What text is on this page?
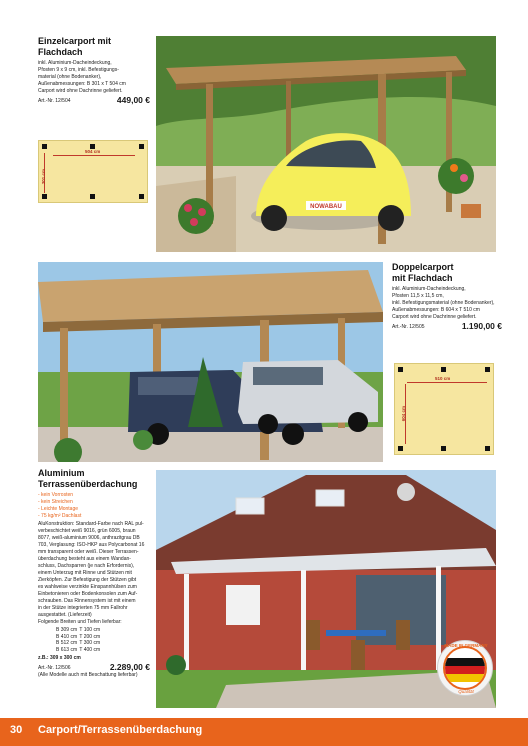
Einzelcarport mit Flachdach
inkl. Aluminium-Dacheindeckung,
Pfosten 9 x 9 cm, inkl. Befestigungs-
material (ohne Bodenanker),
Außenabmessungen: B 301 x T 504 cm
Carport wird ohne Dachrinne geliefert.
Art.-Nr. 12/504	449,00 €
504 cm
301 cm
NOWABAU
Doppelcarport
mit Flachdach
inkl. Aluminium-Dacheindeckung,
Pfosten 11,5 x 11,5 cm,
inkl. Befestigungsmaterial (ohne Bodenanker),
Außenabmessungen: B 604 x T 510 cm
Carport wird ohne Dachrinne geliefert.
Art.-Nr. 12/505	1.190,00 €
510 cm
604 cm
Aluminium
Terrassenüberdachung
- kein Vorrosten
- kein Streichen
- Leichte Montage
- 75 kg/m² Dachlast
AluKonstruktion: Standard-Farbe nach RAL pul-
verbeschichtet weiß 9016, grün 6005, braun
8077, weiß-aluminium 9006, anthrazitgrau DB
703, Verglasung: ISO-HKP aus Polycarbonat 16
mm transparent oder weiß. Dieser Terrassen-
überdachung besteht aus einem Wandan-
schluss, Dachsparren (je nach Erfordernis),
einem Unterzug mit Rinne und Stützen mit
Zierköpfen. Zur Befestigung der Stützen gibt
es wahlweise verzinkte Einspannhülsen zum
Einbetonieren oder Bodenkonsolen zum Auf-
schrauben. Das Rinnensystem ist mit einem
in der Stütze integrierten 75 mm Fallrohr
ausgestattet. (Lieferzeit)
Folgende Breiten und Tiefen lieferbar:
B 309 cm T 100 cm
B 410 cm T 200 cm
B 512 cm T 300 cm
B 613 cm T 400 cm
z.B.: 309 x 300 cm
Art.-Nr. 12/506	2.289,00 €
(Alle Modelle auch mit Beschattung lieferbar)
MADE IN GERMANY
Qualität
30 Carport/Terrassenüberdachung
